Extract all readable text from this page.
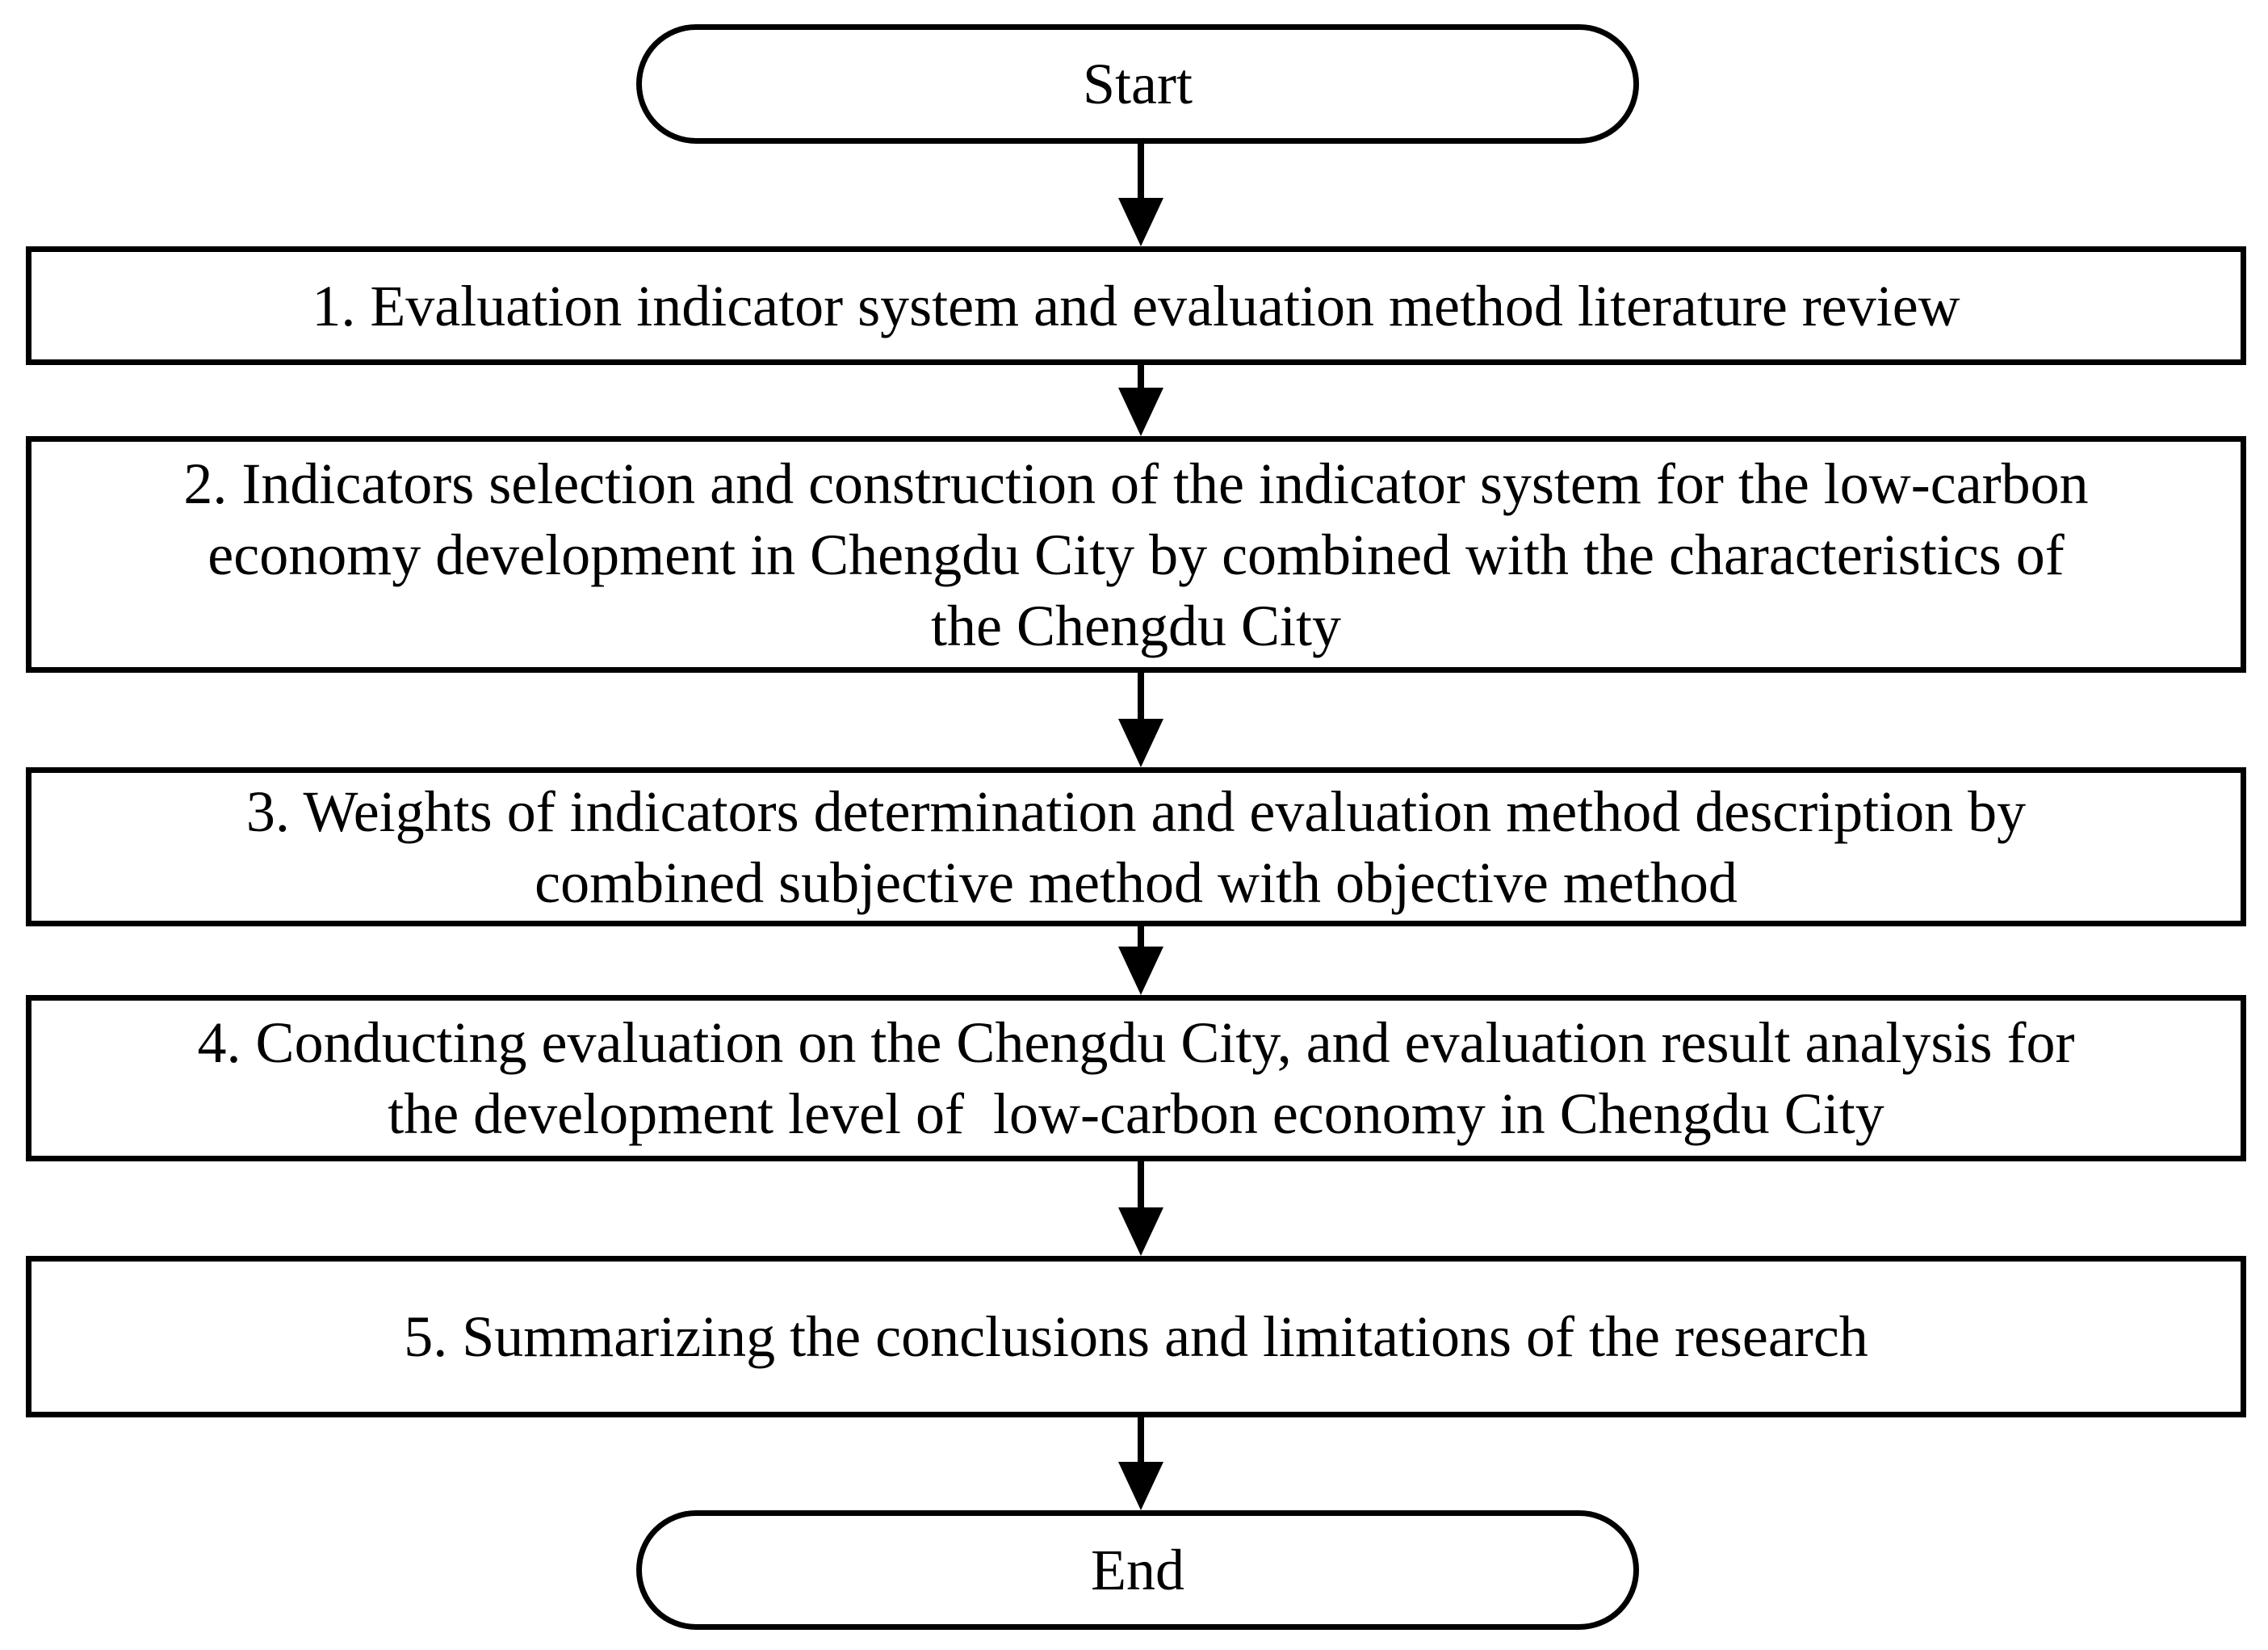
Start
1. Evaluation indicator system and evaluation method literature review
2. Indicators selection and construction of the indicator system for the low-carbon
economy development in Chengdu City by combined with the characteristics of
the Chengdu City
3. Weights of indicators determination and evaluation method description by
combined subjective method with objective method
4. Conducting evaluation on the Chengdu City, and evaluation result analysis for
the development level of  low-carbon economy in Chengdu City
5. Summarizing the conclusions and limitations of the research
End
